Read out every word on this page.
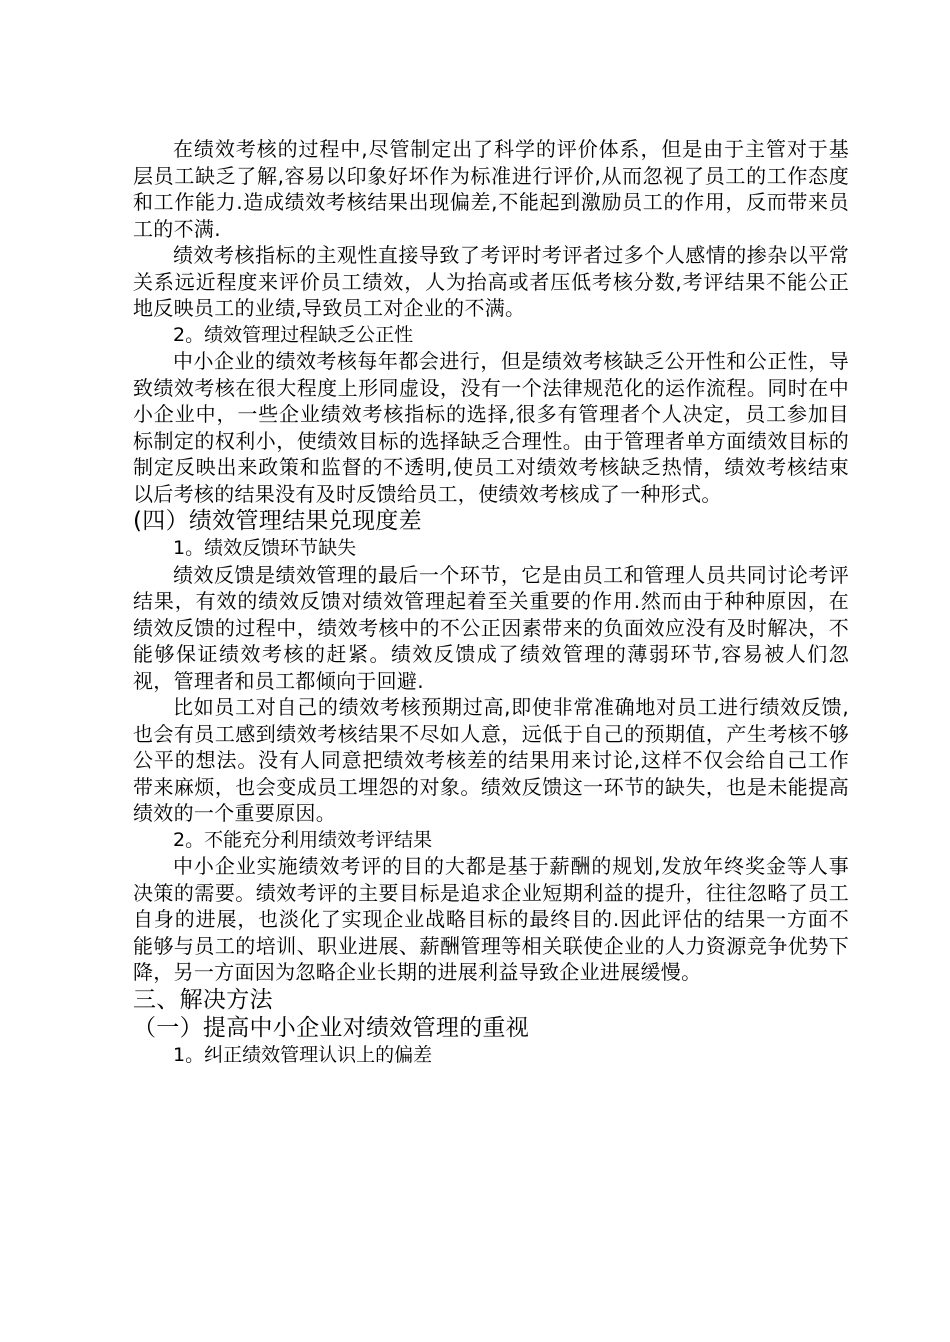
在绩效考核的过程中,尽管制定出了科学的评价体系，但是由于主管对于基层员工缺乏了解,容易以印象好坏作为标准进行评价,从而忽视了员工的工作态度和工作能力.造成绩效考核结果出现偏差,不能起到激励员工的作用，反而带来员工的不满.

绩效考核指标的主观性直接导致了考评时考评者过多个人感情的掺杂以平常关系远近程度来评价员工绩效，人为抬高或者压低考核分数,考评结果不能公正地反映员工的业绩,导致员工对企业的不满。

2。绩效管理过程缺乏公正性

中小企业的绩效考核每年都会进行，但是绩效考核缺乏公开性和公正性，导致绩效考核在很大程度上形同虚设，没有一个法律规范化的运作流程。同时在中小企业中，一些企业绩效考核指标的选择,很多有管理者个人决定，员工参加目标制定的权利小，使绩效目标的选择缺乏合理性。由于管理者单方面绩效目标的制定反映出来政策和监督的不透明,使员工对绩效考核缺乏热情，绩效考核结束以后考核的结果没有及时反馈给员工，使绩效考核成了一种形式。

(四）绩效管理结果兑现度差

1。绩效反馈环节缺失

绩效反馈是绩效管理的最后一个环节，它是由员工和管理人员共同讨论考评结果，有效的绩效反馈对绩效管理起着至关重要的作用.然而由于种种原因，在绩效反馈的过程中，绩效考核中的不公正因素带来的负面效应没有及时解决，不能够保证绩效考核的赶紧。绩效反馈成了绩效管理的薄弱环节,容易被人们忽视，管理者和员工都倾向于回避.

比如员工对自己的绩效考核预期过高,即使非常准确地对员工进行绩效反馈,也会有员工感到绩效考核结果不尽如人意，远低于自己的预期值，产生考核不够公平的想法。没有人同意把绩效考核差的结果用来讨论,这样不仅会给自己工作带来麻烦，也会变成员工埋怨的对象。绩效反馈这一环节的缺失，也是未能提高绩效的一个重要原因。

2。不能充分利用绩效考评结果

中小企业实施绩效考评的目的大都是基于薪酬的规划,发放年终奖金等人事决策的需要。绩效考评的主要目标是追求企业短期利益的提升，往往忽略了员工自身的进展，也淡化了实现企业战略目标的最终目的.因此评估的结果一方面不能够与员工的培训、职业进展、薪酬管理等相关联使企业的人力资源竞争优势下降，另一方面因为忽略企业长期的进展利益导致企业进展缓慢。

三、解决方法

（一）提高中小企业对绩效管理的重视

1。纠正绩效管理认识上的偏差
